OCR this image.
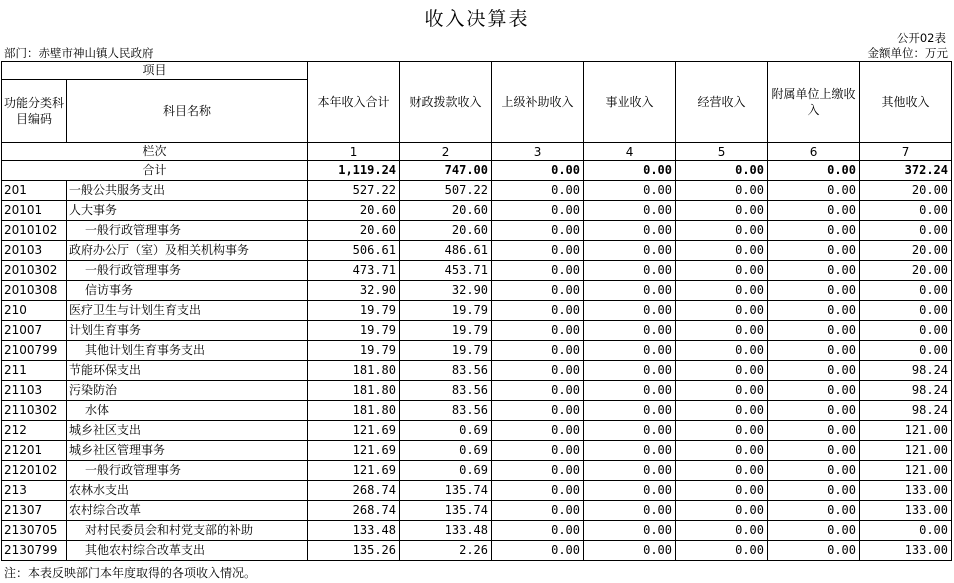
收入决算表
公开02表
部门：赤壁市神山镇人民政府	金额单位：万元
项目		本年收入合计	财政拨款收入	上级补助收入	事业收入	经营收入	附属单位上缴收入	其他收入
功能分类科目编码	科目名称							
栏次		1	2	3	4	5	6	7
合计		1,119.24	747.00	0.00	0.00	0.00	0.00	372.24
201	一般公共服务支出	527.22	507.22	0.00	0.00	0.00	0.00	20.00
20101	人大事务	20.60	20.60	0.00	0.00	0.00	0.00	0.00
2010102	一般行政管理事务	20.60	20.60	0.00	0.00	0.00	0.00	0.00
20103	政府办公厅（室）及相关机构事务	506.61	486.61	0.00	0.00	0.00	0.00	20.00
2010302	一般行政管理事务	473.71	453.71	0.00	0.00	0.00	0.00	20.00
2010308	信访事务	32.90	32.90	0.00	0.00	0.00	0.00	0.00
210	医疗卫生与计划生育支出	19.79	19.79	0.00	0.00	0.00	0.00	0.00
21007	计划生育事务	19.79	19.79	0.00	0.00	0.00	0.00	0.00
2100799	其他计划生育事务支出	19.79	19.79	0.00	0.00	0.00	0.00	0.00
211	节能环保支出	181.80	83.56	0.00	0.00	0.00	0.00	98.24
21103	污染防治	181.80	83.56	0.00	0.00	0.00	0.00	98.24
2110302	水体	181.80	83.56	0.00	0.00	0.00	0.00	98.24
212	城乡社区支出	121.69	0.69	0.00	0.00	0.00	0.00	121.00
21201	城乡社区管理事务	121.69	0.69	0.00	0.00	0.00	0.00	121.00
2120102	一般行政管理事务	121.69	0.69	0.00	0.00	0.00	0.00	121.00
213	农林水支出	268.74	135.74	0.00	0.00	0.00	0.00	133.00
21307	农村综合改革	268.74	135.74	0.00	0.00	0.00	0.00	133.00
2130705	对村民委员会和村党支部的补助	133.48	133.48	0.00	0.00	0.00	0.00	0.00
2130799	其他农村综合改革支出	135.26	2.26	0.00	0.00	0.00	0.00	133.00
注：本表反映部门本年度取得的各项收入情况。
